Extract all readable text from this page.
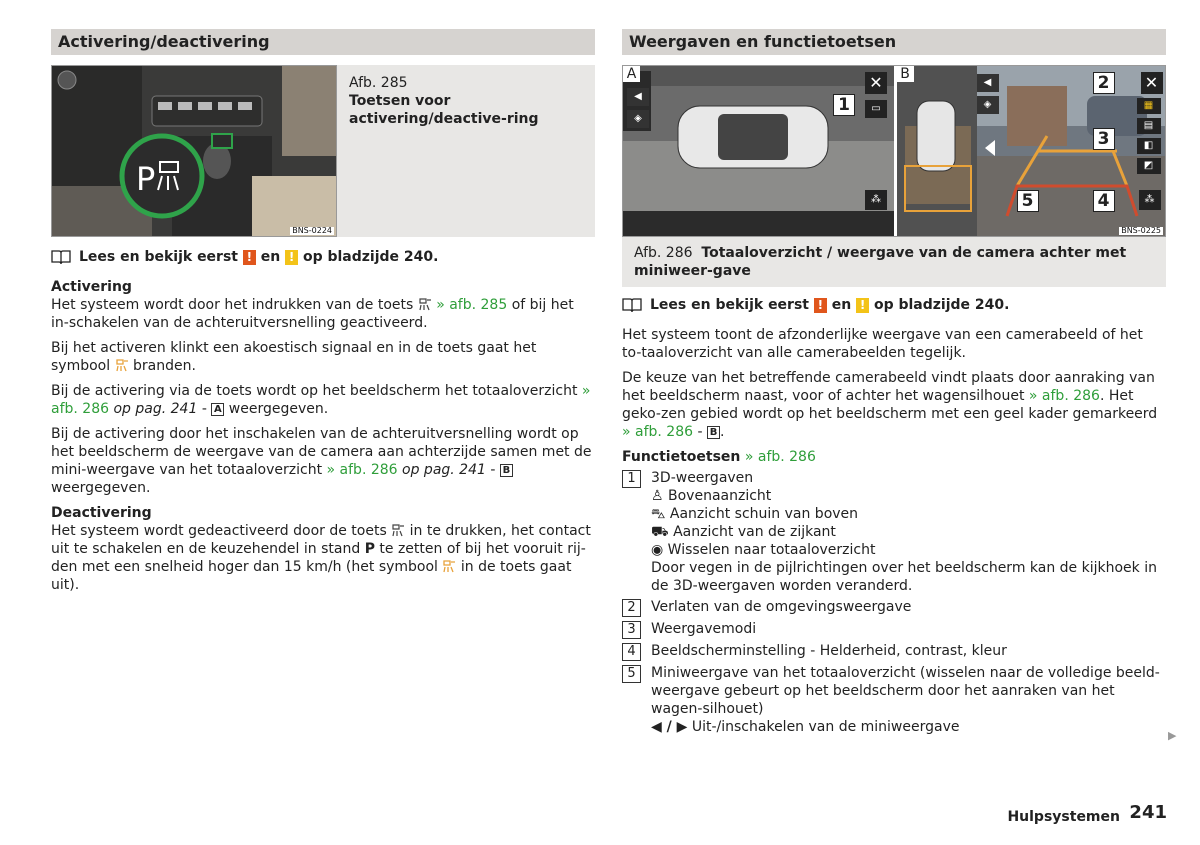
Activering/deactivering
P
BNS-0224
Afb. 285
Toetsen voor activering/deactive-ring
Lees en bekijk eerst
!
en
!
op bladzijde 240.

Activering

Het systeem wordt door het indrukken van de toets » afb. 285 of bij het in-schakelen van de achteruitversnelling geactiveerd.

Bij het activeren klinkt een akoestisch signaal en in de toets gaat het symbool branden.

Bij de activering via de toets wordt op het beeldscherm het totaaloverzicht » afb. 286 op pag. 241 - A weergegeven.

Bij de activering door het inschakelen van de achteruitversnelling wordt op het beeldscherm de weergave van de camera aan achterzijde samen met de mini-weergave van het totaaloverzicht » afb. 286 op pag. 241 - B weergegeven.

Deactivering

Het systeem wordt gedeactiveerd door de toets in te drukken, het contact uit te schakelen en de keuzehendel in stand P te zetten of bij het vooruit rij-den met een snelheid hoger dan 15 km/h (het symbool in de toets gaat uit).

Weergaven en functietoetsen
A	✕
▭
◀
◈
⁂
1
B	✕
◀
◈	▦
▤
◧
◩
⁂
2
3
4
5
BNS-0225
Afb. 286 Totaaloverzicht / weergave van de camera achter met miniweer-gave
Lees en bekijk eerst
!
en
!
op bladzijde 240.

Het systeem toont de afzonderlijke weergave van een camerabeeld of het to-taaloverzicht van alle camerabeelden tegelijk.

De keuze van het betreffende camerabeeld vindt plaats door aanraking van het beeldscherm naast, voor of achter het wagensilhouet » afb. 286. Het geko-zen gebied wordt op het beeldscherm met een geel kader gemarkeerd » afb. 286 - B .

Functietoetsen » afb. 286

1	3D-weergaven
♙ Bovenaanzicht
⛍ Aanzicht schuin van boven
⛟ Aanzicht van de zijkant
◉ Wisselen naar totaaloverzicht
Door vegen in de pijlrichtingen over het beeldscherm kan de kijkhoek in de 3D-weergaven worden veranderd.
2	Verlaten van de omgevingsweergave
3	Weergavemodi
4	Beeldscherminstelling - Helderheid, contrast, kleur
5	Miniweergave van het totaaloverzicht (wisselen naar de volledige beeld-weergave gebeurt op het beeldscherm door het aanraken van het wagen-silhouet)
◀ / ▶ Uit-/inschakelen van de miniweergave
▶
Hulpsystemen 241
